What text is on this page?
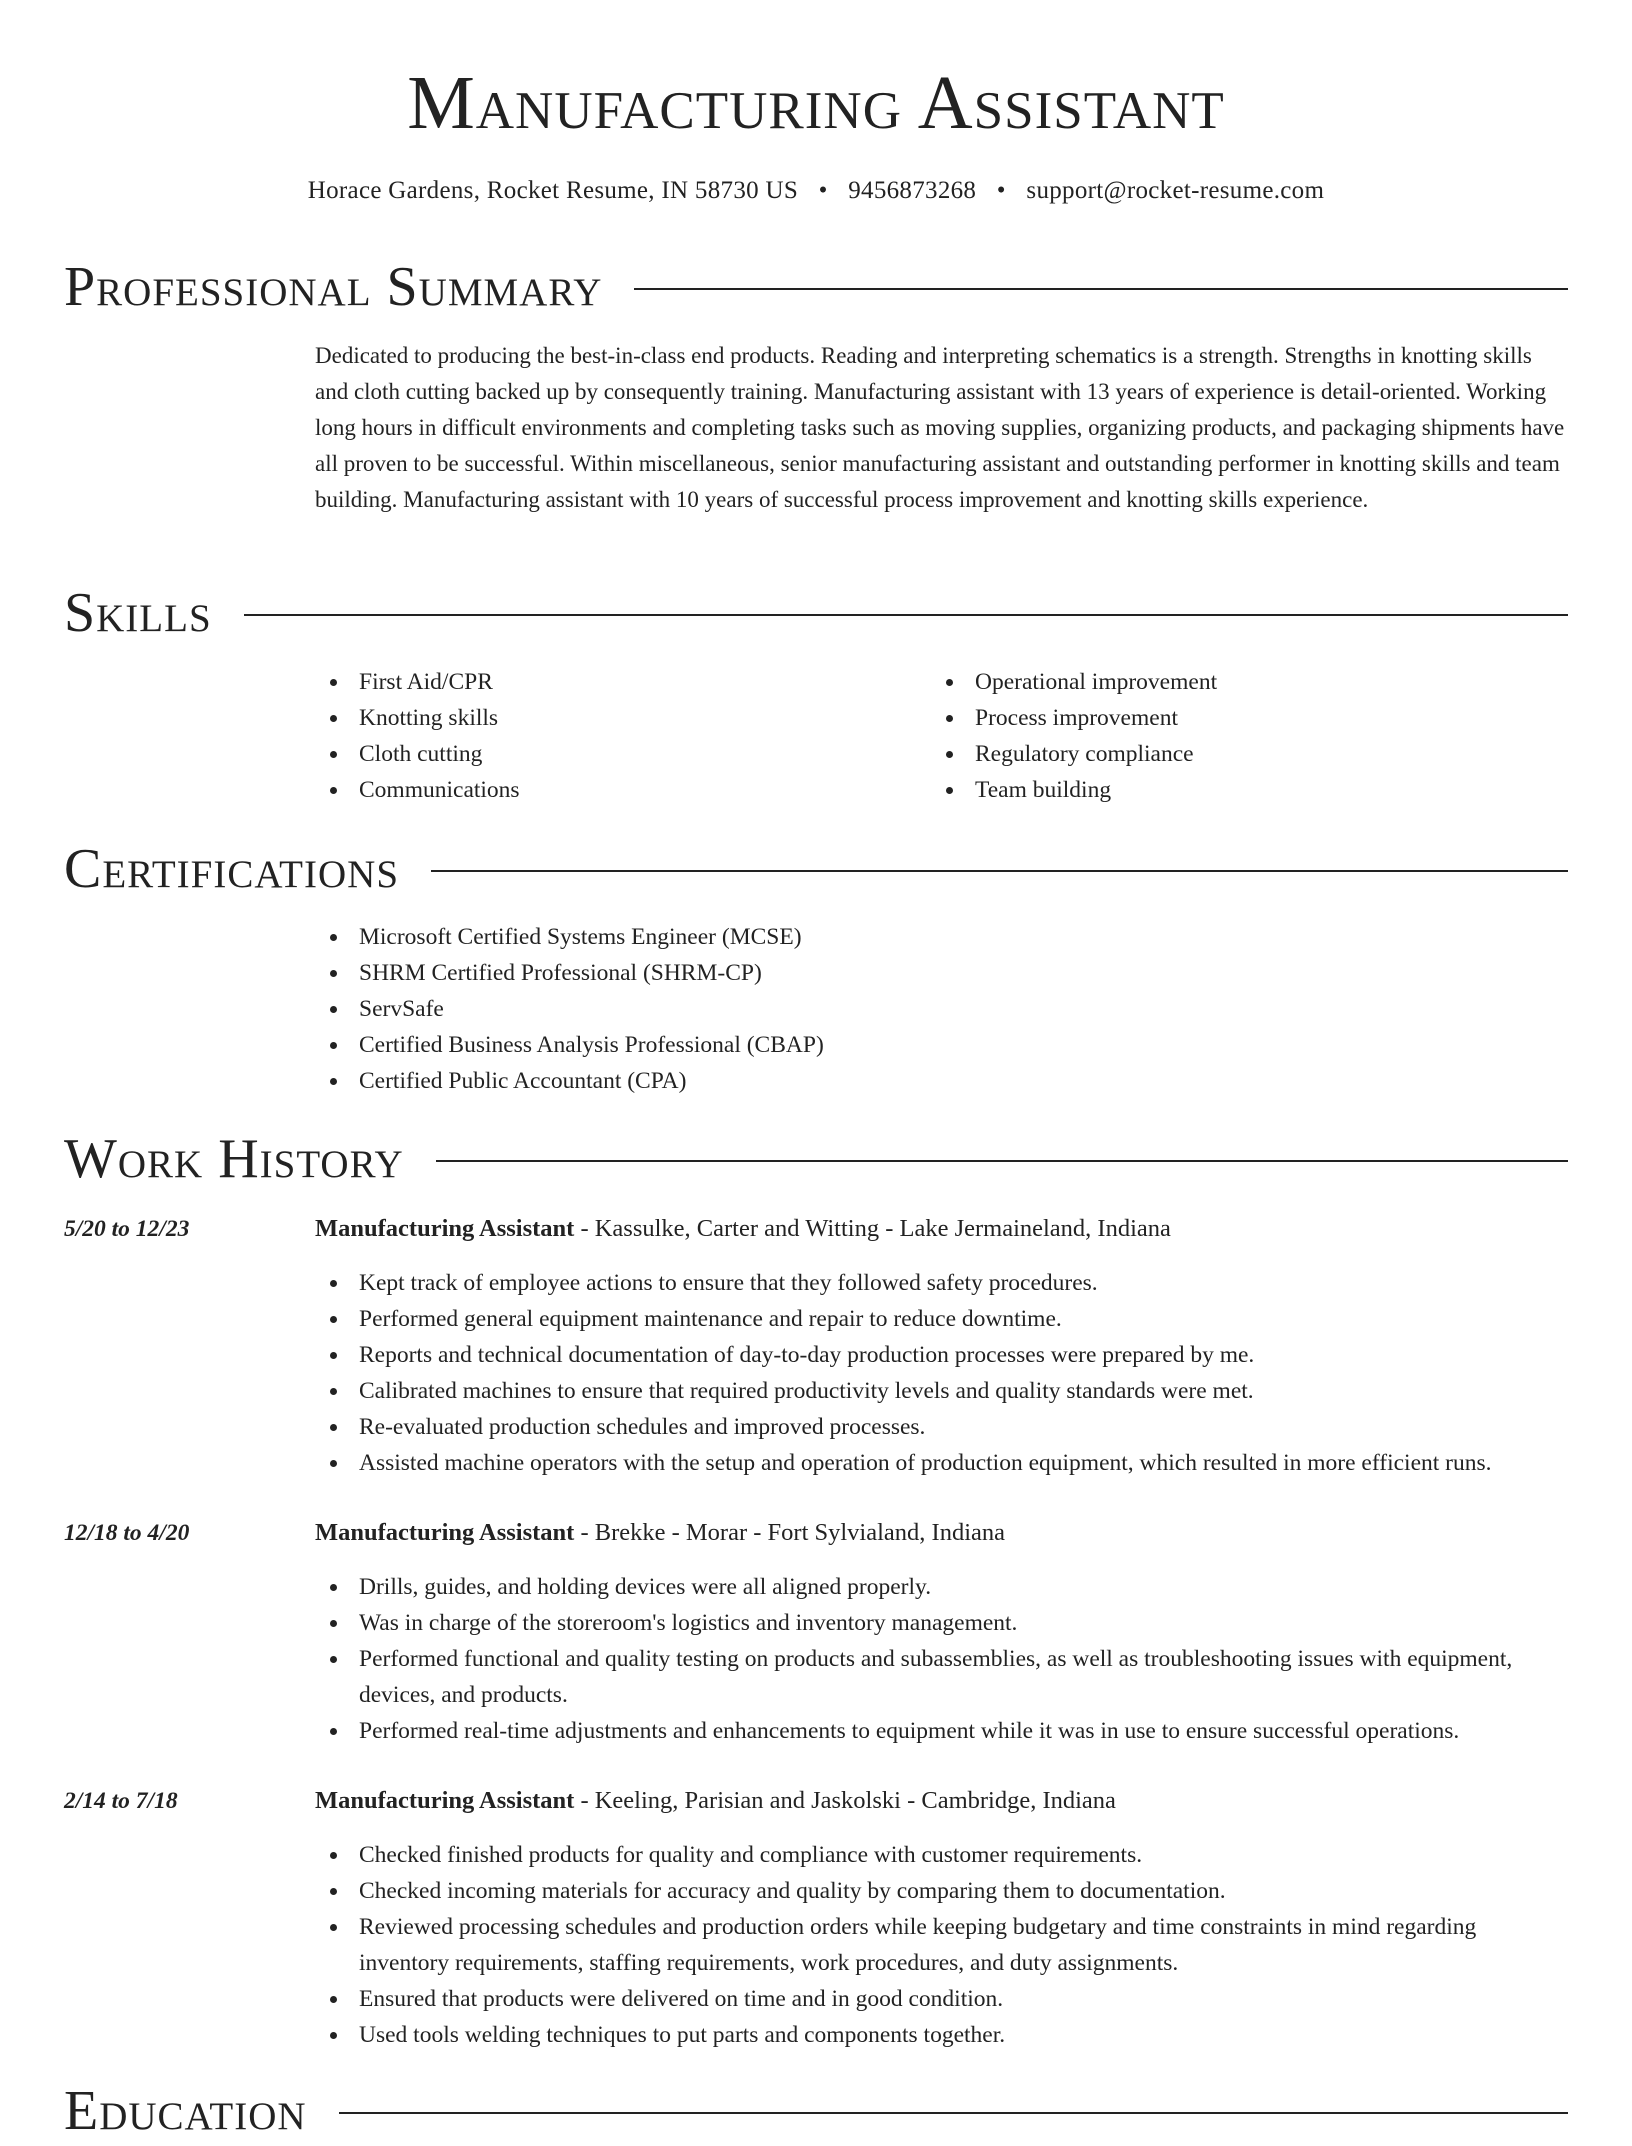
Manufacturing Assistant
Horace Gardens, Rocket Resume, IN 58730 US • 9456873268 • support@rocket-resume.com
Professional Summary

Dedicated to producing the best-in-class end products. Reading and interpreting schematics is a strength. Strengths in knotting skills and cloth cutting backed up by consequently training. Manufacturing assistant with 13 years of experience is detail-oriented. Working long hours in difficult environments and completing tasks such as moving supplies, organizing products, and packaging shipments have all proven to be successful. Within miscellaneous, senior manufacturing assistant and outstanding performer in knotting skills and team building. Manufacturing assistant with 10 years of successful process improvement and knotting skills experience.

Skills
First Aid/CPR
Knotting skills
Cloth cutting
Communications
Operational improvement
Process improvement
Regulatory compliance
Team building
Certifications
Microsoft Certified Systems Engineer (MCSE)
SHRM Certified Professional (SHRM-CP)
ServSafe
Certified Business Analysis Professional (CBAP)
Certified Public Accountant (CPA)
Work History
5/20 to 12/23	Manufacturing Assistant - Kassulke, Carter and Witting - Lake Jermaineland, Indiana
Kept track of employee actions to ensure that they followed safety procedures.
Performed general equipment maintenance and repair to reduce downtime.
Reports and technical documentation of day-to-day production processes were prepared by me.
Calibrated machines to ensure that required productivity levels and quality standards were met.
Re-evaluated production schedules and improved processes.
Assisted machine operators with the setup and operation of production equipment, which resulted in more efficient runs.
12/18 to 4/20	Manufacturing Assistant - Brekke - Morar - Fort Sylvialand, Indiana
Drills, guides, and holding devices were all aligned properly.
Was in charge of the storeroom's logistics and inventory management.
Performed functional and quality testing on products and subassemblies, as well as troubleshooting issues with equipment, devices, and products.
Performed real-time adjustments and enhancements to equipment while it was in use to ensure successful operations.
2/14 to 7/18	Manufacturing Assistant - Keeling, Parisian and Jaskolski - Cambridge, Indiana
Checked finished products for quality and compliance with customer requirements.
Checked incoming materials for accuracy and quality by comparing them to documentation.
Reviewed processing schedules and production orders while keeping budgetary and time constraints in mind regarding inventory requirements, staffing requirements, work procedures, and duty assignments.
Ensured that products were delivered on time and in good condition.
Used tools welding techniques to put parts and components together.
Education
